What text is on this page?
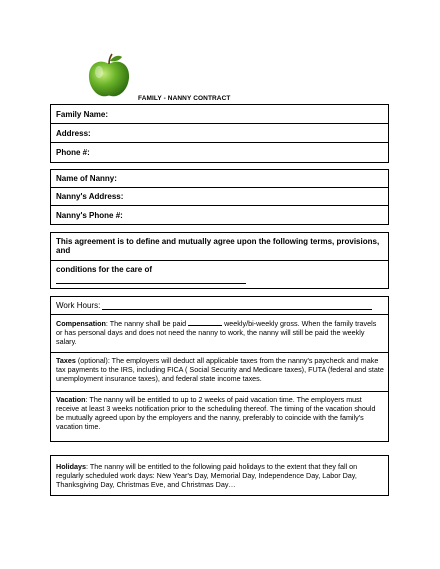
FAMILY - NANNY CONTRACT
Family Name:
Address:
Phone #:
Name of Nanny:
Nanny's Address:
Nanny's Phone #:
This agreement is to define and mutually agree upon the following terms, provisions, and
conditions for the care of
Work Hours:
Compensation: The nanny shall be paid	weekly/bi-weekly gross. When the family travels or has personal days and does not need the nanny to work, the nanny will still be paid the weekly salary.
Taxes (optional): The employers will deduct all applicable taxes from the nanny's paycheck and make tax payments to the IRS, including FICA ( Social Security and Medicare taxes), FUTA (federal and state unemployment insurance taxes), and federal state income taxes.
Vacation: The nanny will be entitled to up to 2 weeks of paid vacation time. The employers must receive at least 3 weeks notification prior to the scheduling thereof. The timing of the vacation should be mutually agreed upon by the employers and the nanny, preferably to coincide with the family's vacation time.
Holidays: The nanny will be entitled to the following paid holidays to the extent that they fall on regularly scheduled work days: New Year's Day, Memorial Day, Independence Day, Labor Day, Thanksgiving Day, Christmas Eve, and Christmas Day…
